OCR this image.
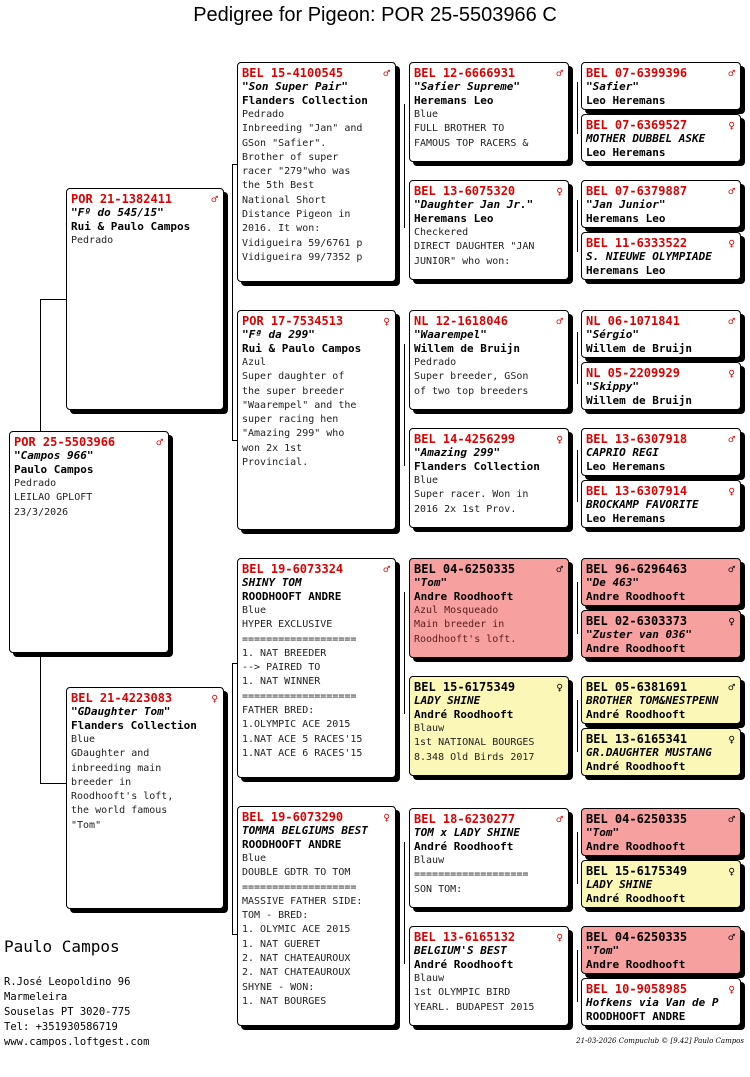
Pedigree for Pigeon: POR 25-5503966 C
POR 25-5503966	♂
"Campos 966"
Paulo Campos
Pedrado
LEILAO GPLOFT
23/3/2026
POR 21-1382411	♂
"Fº do 545/15"
Rui & Paulo Campos
Pedrado
BEL 21-4223083	♀
"GDaughter Tom"
Flanders Collection
Blue
GDaughter and
inbreeding main
breeder in
Roodhooft's loft,
the world famous
"Tom"
BEL 15-4100545	♂
"Son Super Pair"
Flanders Collection
Pedrado
Inbreeding "Jan" and
GSon "Safier".
Brother of super
racer "279"who was
the 5th Best
National Short
Distance Pigeon in
2016. It won:
Vidigueira 59/6761 p
Vidigueira 99/7352 p
POR 17-7534513	♀
"Fª da 299"
Rui & Paulo Campos
Azul
Super daughter of
the super breeder
"Waarempel" and the
super racing hen
"Amazing 299" who
won 2x 1st
Provincial.
BEL 19-6073324	♂
SHINY TOM
ROODHOOFT ANDRE
Blue
HYPER EXCLUSIVE
===================
1. NAT BREEDER
--> PAIRED TO
1. NAT WINNER
===================
FATHER BRED:
1.OLYMPIC ACE 2015
1.NAT ACE 5 RACES'15
1.NAT ACE 6 RACES'15
BEL 19-6073290	♀
TOMMA BELGIUMS BEST
ROODHOOFT ANDRE
Blue
DOUBLE GDTR TO TOM
===================
MASSIVE FATHER SIDE:
TOM - BRED:
1. OLYMIC ACE 2015
1. NAT GUERET
2. NAT CHATEAUROUX
2. NAT CHATEAUROUX
SHYNE - WON:
1. NAT BOURGES
BEL 12-6666931	♂
"Safier Supreme"
Heremans Leo
Blue
FULL BROTHER TO
FAMOUS TOP RACERS &
BEL 13-6075320	♀
"Daughter Jan Jr."
Heremans Leo
Checkered
DIRECT DAUGHTER "JAN
JUNIOR" who won:
NL 12-1618046	♂
"Waarempel"
Willem de Bruijn
Pedrado
Super breeder, GSon
of two top breeders
BEL 14-4256299	♀
"Amazing 299"
Flanders Collection
Blue
Super racer. Won in
2016 2x 1st Prov.
BEL 04-6250335	♂
"Tom"
Andre Roodhooft
Azul Mosqueado
Main breeder in
Roodhooft's loft.
BEL 15-6175349	♀
LADY SHINE
André Roodhooft
Blauw
1st NATIONAL BOURGES
8.348 Old Birds 2017
BEL 18-6230277	♂
TOM x LADY SHINE
André Roodhooft
Blauw
===================
SON TOM:
BEL 13-6165132	♀
BELGIUM'S BEST
André Roodhooft
Blauw
1st OLYMPIC BIRD
YEARL. BUDAPEST 2015
BEL 07-6399396	♂
"Safier"
Leo Heremans
BEL 07-6369527	♀
MOTHER DUBBEL ASKE
Leo Heremans
BEL 07-6379887	♂
"Jan Junior"
Heremans Leo
BEL 11-6333522	♀
S. NIEUWE OLYMPIADE
Heremans Leo
NL 06-1071841	♂
"Sérgio"
Willem de Bruijn
NL 05-2209929	♀
"Skippy"
Willem de Bruijn
BEL 13-6307918	♂
CAPRIO REGI
Leo Heremans
BEL 13-6307914	♀
BROCKAMP FAVORITE
Leo Heremans
BEL 96-6296463	♂
"De 463"
Andre Roodhooft
BEL 02-6303373	♀
"Zuster van 036"
Andre Roodhooft
BEL 05-6381691	♂
BROTHER TOM&NESTPENN
André Roodhooft
BEL 13-6165341	♀
GR.DAUGHTER MUSTANG
André Roodhooft
BEL 04-6250335	♂
"Tom"
Andre Roodhooft
BEL 15-6175349	♀
LADY SHINE
André Roodhooft
BEL 04-6250335	♂
"Tom"
Andre Roodhooft
BEL 10-9058985	♀
Hofkens via Van de P
ROODHOOFT ANDRE
Paulo Campos

R.José Leopoldino 96
Marmeleira
Souselas PT 3020-775
Tel: +351930586719
www.campos.loftgest.com	21-03-2026 Compuclub © [9.42] Paulo Campos
